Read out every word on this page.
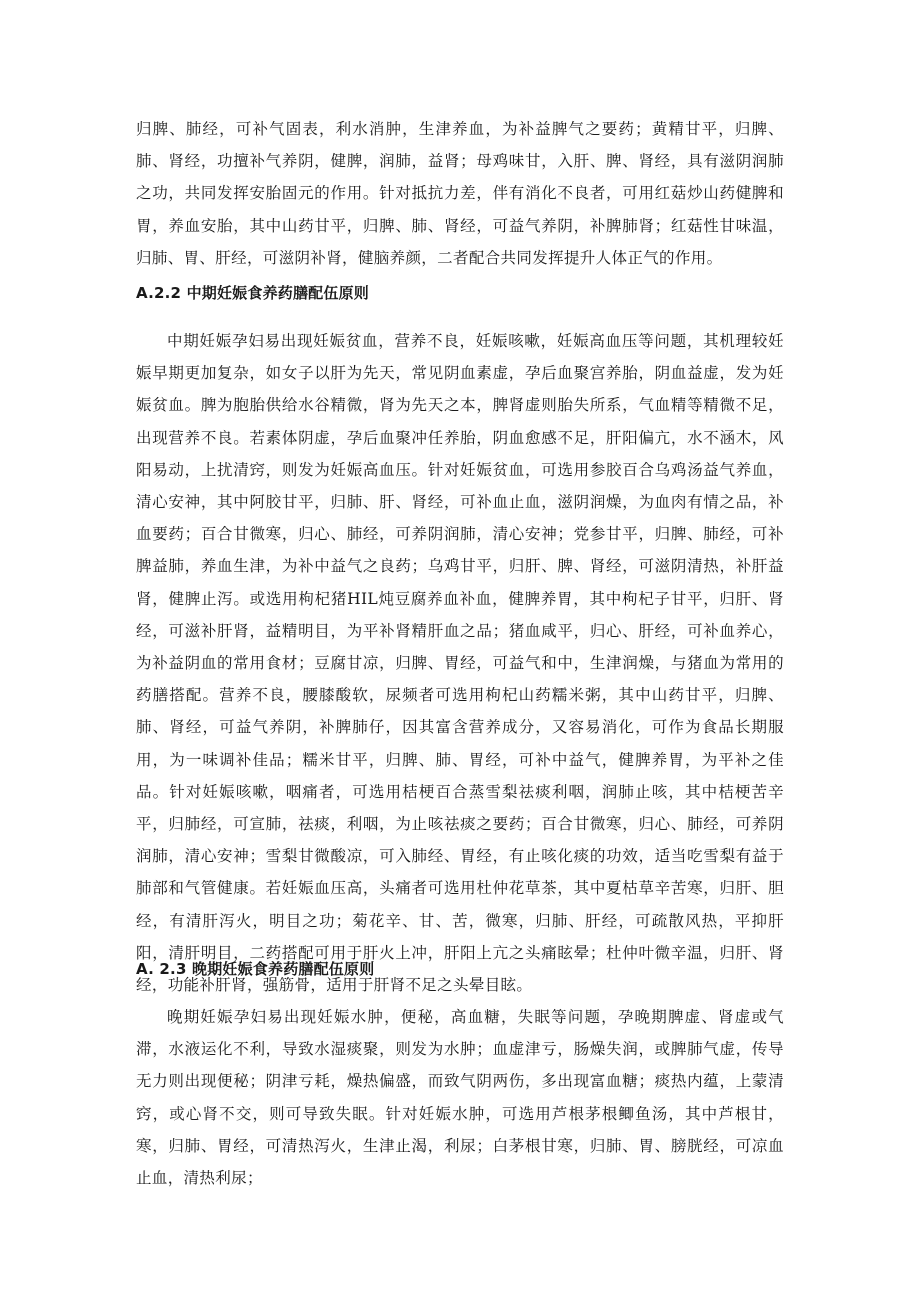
归脾、肺经，可补气固表，利水消肿，生津养血，为补益脾气之要药；黄精甘平，归脾、肺、肾经，功擅补气养阴，健脾，润肺，益肾；母鸡味甘，入肝、脾、肾经，具有滋阴润肺之功，共同发挥安胎固元的作用。针对抵抗力差，伴有消化不良者，可用红菇炒山药健脾和胃，养血安胎，其中山药甘平，归脾、肺、肾经，可益气养阴，补脾肺肾；红菇性甘味温，归肺、胃、肝经，可滋阴补肾，健脑养颜，二者配合共同发挥提升人体正气的作用。

A.2.2 中期妊娠食养药膳配伍原则

中期妊娠孕妇易出现妊娠贫血，营养不良，妊娠咳嗽，妊娠高血压等问题，其机理较妊娠早期更加复杂，如女子以肝为先天，常见阴血素虚，孕后血聚宫养胎，阴血益虚，发为妊娠贫血。脾为胞胎供给水谷精微，肾为先天之本，脾肾虚则胎失所系，气血精等精微不足，出现营养不良。若素体阴虚，孕后血聚冲任养胎，阴血愈感不足，肝阳偏亢，水不涵木，风阳易动，上扰清窍，则发为妊娠高血压。针对妊娠贫血，可选用参胶百合乌鸡汤益气养血，清心安神，其中阿胶甘平，归肺、肝、肾经，可补血止血，滋阴润燥，为血肉有情之品，补血要药；百合甘微寒，归心、肺经，可养阴润肺，清心安神；党参甘平，归脾、肺经，可补脾益肺，养血生津，为补中益气之良药；乌鸡甘平，归肝、脾、肾经，可滋阴清热，补肝益肾，健脾止泻。或选用枸杞猪HIL炖豆腐养血补血，健脾养胃，其中枸杞子甘平，归肝、肾经，可滋补肝肾，益精明目，为平补肾精肝血之品；猪血咸平，归心、肝经，可补血养心，为补益阴血的常用食材；豆腐甘凉，归脾、胃经，可益气和中，生津润燥，与猪血为常用的药膳搭配。营养不良，腰膝酸软，尿频者可选用枸杞山药糯米粥，其中山药甘平，归脾、肺、肾经，可益气养阴，补脾肺仔，因其富含营养成分，又容易消化，可作为食品长期服用，为一味调补佳品；糯米甘平，归脾、肺、胃经，可补中益气，健脾养胃，为平补之佳品。针对妊娠咳嗽，咽痛者，可选用桔梗百合蒸雪梨祛痰利咽，润肺止咳，其中桔梗苦辛平，归肺经，可宣肺，祛痰，利咽，为止咳祛痰之要药；百合甘微寒，归心、肺经，可养阴润肺，清心安神；雪梨甘微酸凉，可入肺经、胃经，有止咳化痰的功效，适当吃雪梨有益于肺部和气管健康。若妊娠血压高，头痛者可选用杜仲花草茶，其中夏枯草辛苦寒，归肝、胆经，有清肝泻火，明目之功；菊花辛、甘、苦，微寒，归肺、肝经，可疏散风热，平抑肝阳，清肝明目，二药搭配可用于肝火上冲，肝阳上亢之头痛眩晕；杜仲叶微辛温，归肝、肾经，功能补肝肾，强筋骨，适用于肝肾不足之头晕目眩。

A. 2.3 晚期妊娠食养药膳配伍原则

晚期妊娠孕妇易出现妊娠水肿，便秘，高血糖，失眠等问题，孕晚期脾虚、肾虚或气滞，水液运化不利，导致水湿痰聚，则发为水肿；血虚津亏，肠燥失润，或脾肺气虚，传导无力则出现便秘；阴津亏耗，燥热偏盛，而致气阴两伤，多出现富血糖；痰热内蕴，上蒙清窍，或心肾不交，则可导致失眠。针对妊娠水肿，可选用芦根茅根鲫鱼汤，其中芦根甘，寒，归肺、胃经，可清热泻火，生津止渴，利尿；白茅根甘寒，归肺、胃、膀胱经，可凉血止血，清热利尿；
